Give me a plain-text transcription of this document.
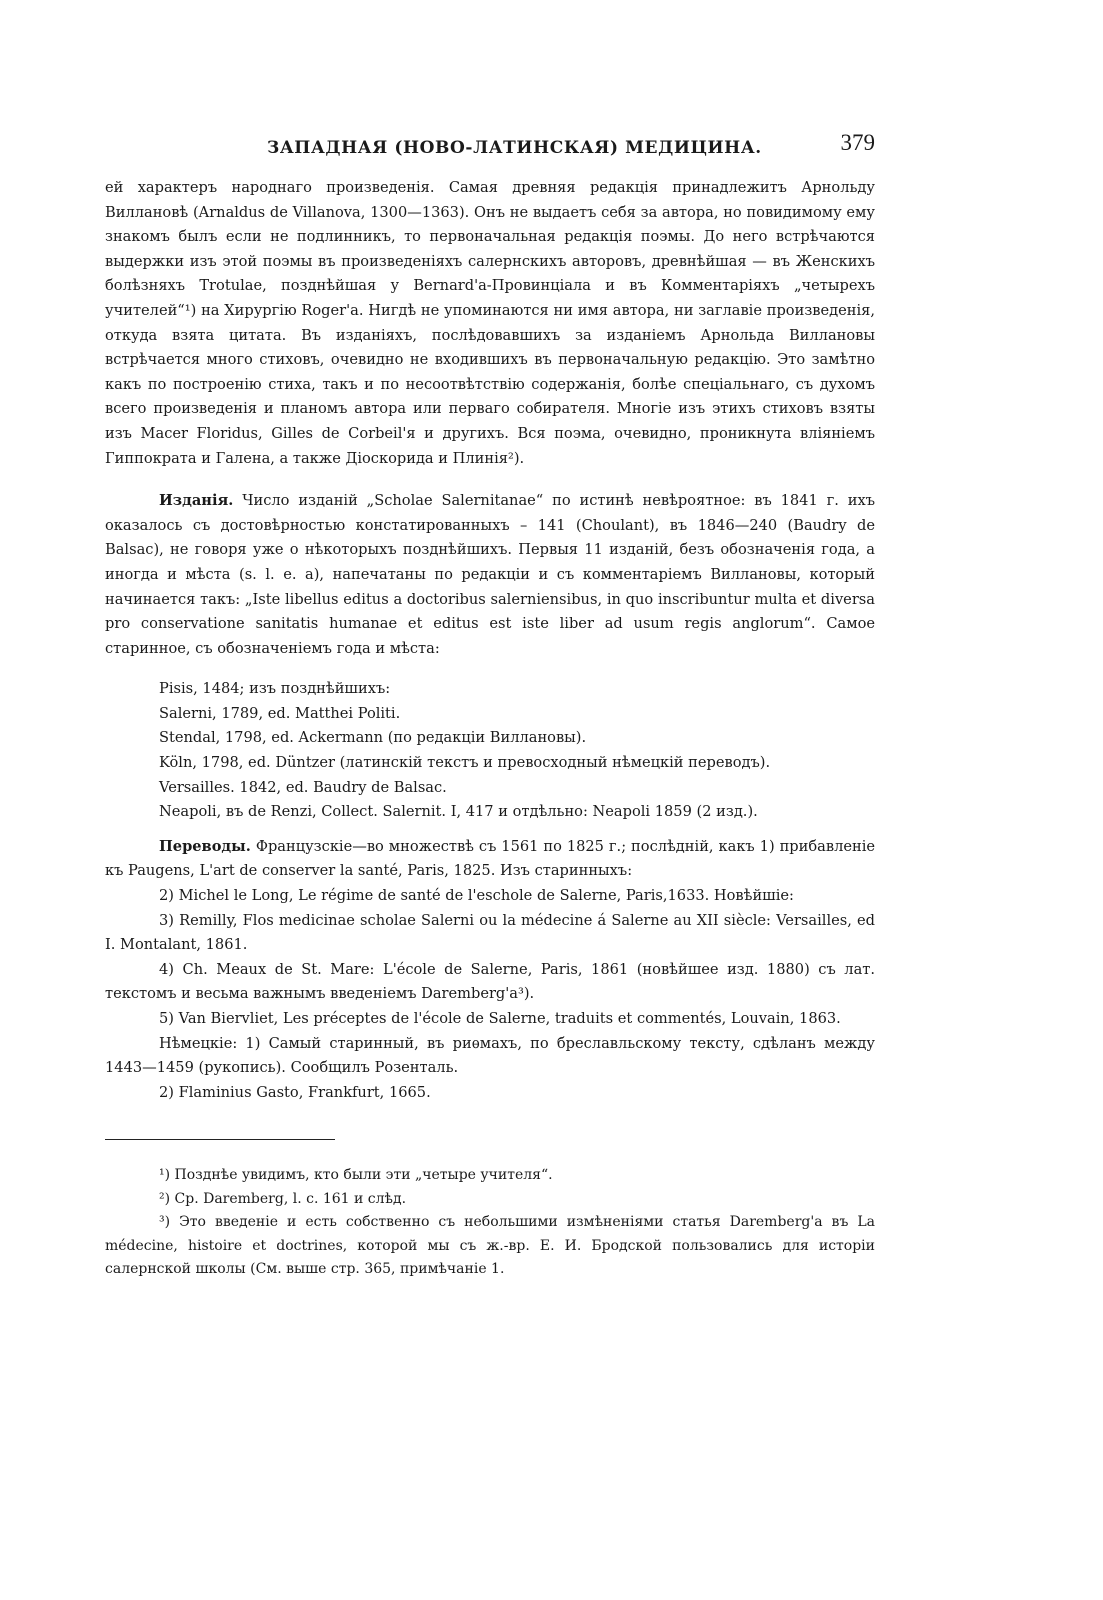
ЗАПАДНАЯ (НОВО-ЛАТИНСКАЯ) МЕДИЦИНА.	379

ей характеръ народнаго произведенія. Самая древняя редакція принадлежитъ Арнольду Виллановѣ (Arnaldus de Villanova, 1300—1363). Онъ не выдаетъ себя за автора, но повидимому ему знакомъ былъ если не подлинникъ, то первоначальная редакція поэмы. До него встрѣчаются выдержки изъ этой поэмы въ произведеніяхъ салернскихъ авторовъ, древнѣйшая — въ Женскихъ болѣзняхъ Trotulae, позднѣйшая у Bernard'a-Провинціала и въ Комментаріяхъ „четырехъ учителей“¹) на Хирургію Roger'a. Нигдѣ не упоминаются ни имя автора, ни заглавіе произведенія, откуда взята цитата. Въ изданіяхъ, послѣдовавшихъ за изданіемъ Арнольда Виллановы встрѣчается много стиховъ, очевидно не входившихъ въ первоначальную редакцію. Это замѣтно какъ по построенію стиха, такъ и по несоотвѣтствію содержанія, болѣе спеціальнаго, съ духомъ всего произведенія и планомъ автора или перваго собирателя. Многіе изъ этихъ стиховъ взяты изъ Macer Floridus, Gilles de Corbeil'я и другихъ. Вся поэма, очевидно, проникнута вліяніемъ Гиппократа и Галена, а также Діоскорида и Плинія²).

Изданія. Число изданій „Scholae Salernitanae“ по истинѣ невѣроятное: въ 1841 г. ихъ оказалось съ достовѣрностью констатированныхъ – 141 (Choulant), въ 1846—240 (Baudry de Balsac), не говоря уже о нѣкоторыхъ позднѣйшихъ. Первыя 11 изданій, безъ обозначенія года, а иногда и мѣста (s. l. e. a), напечатаны по редакціи и съ комментаріемъ Виллановы, который начинается такъ: „Iste libellus editus a doctoribus salerniensibus, in quo inscribuntur multa et diversa pro conservatione sanitatis humanae et editus est iste liber ad usum regis anglorum“. Самое старинное, съ обозначеніемъ года и мѣста:

Pisis, 1484; изъ позднѣйшихъ:
Salerni, 1789, ed. Matthei Politi.
Stendal, 1798, ed. Ackermann (по редакціи Виллановы).
Köln, 1798, ed. Düntzer (латинскій текстъ и превосходный нѣмецкій переводъ).
Versailles. 1842, ed. Baudry de Balsac.
Neapoli, въ de Renzi, Collect. Salernit. I, 417 и отдѣльно: Neapoli 1859 (2 изд.).
Переводы. Французскіе—во множествѣ съ 1561 по 1825 г.; послѣдній, какъ 1) прибавленіе къ Paugens, L'art de conserver la santé, Paris, 1825. Изъ старинныхъ:
2) Michel le Long, Le régime de santé de l'eschole de Salerne, Paris,1633. Новѣйшіе:
3) Remilly, Flos medicinae scholae Salerni ou la médecine á Salerne au XII siècle: Versailles, ed I. Montalant, 1861.
4) Ch. Meaux de St. Mare: L'école de Salerne, Paris, 1861 (новѣйшее изд. 1880) съ лат. текстомъ и весьма важнымъ введеніемъ Daremberg'a³).
5) Van Biervliet, Les préceptes de l'école de Salerne, traduits et commentés, Louvain, 1863.
Нѣмецкіе: 1) Самый старинный, въ риѳмахъ, по бреславльскому тексту, сдѣланъ между 1443—1459 (рукопись). Сообщилъ Розенталь.
2) Flaminius Gasto, Frankfurt, 1665.

¹) Позднѣе увидимъ, кто были эти „четыре учителя“.

²) Ср. Daremberg, l. c. 161 и слѣд.

³) Это введеніе и есть собственно съ небольшими измѣненіями статья Daremberg'a въ La médecine, histoire et doctrines, которой мы съ ж.-вр. Е. И. Бродской пользовались для исторіи салернской школы (См. выше стр. 365, примѣчаніе 1.
